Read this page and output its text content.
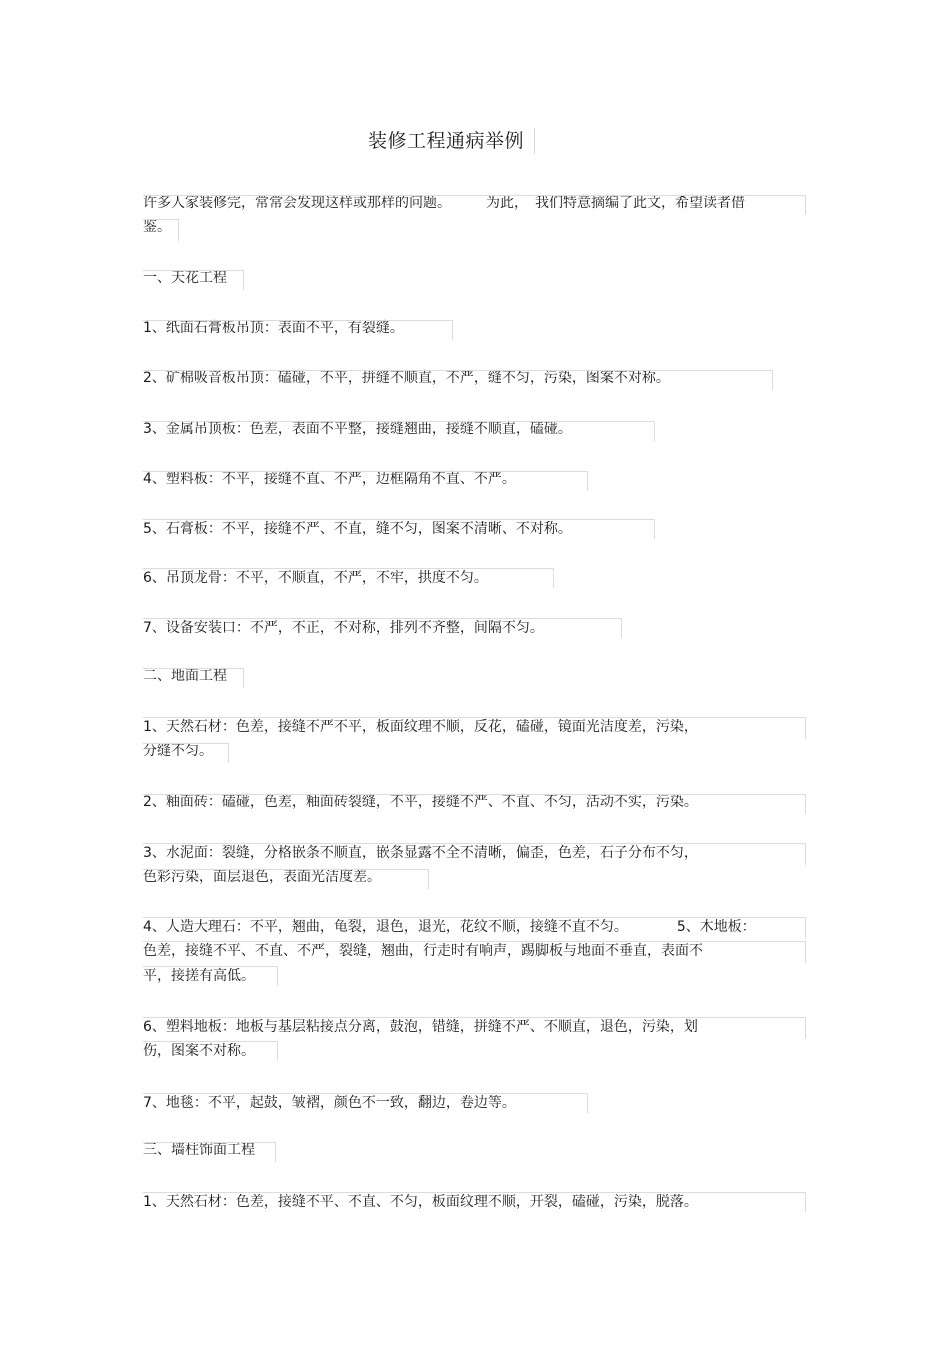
装修工程通病举例
许多人家装修完，常常会发现这样或那样的问题。　　　为此，　我们特意摘编了此文，希望读者借
鉴。
一、天花工程
1、纸面石膏板吊顶：表面不平，有裂缝。
2、矿棉吸音板吊顶：磕碰，不平，拼缝不顺直，不严，缝不匀，污染，图案不对称。
3、金属吊顶板：色差，表面不平整，接缝翘曲，接缝不顺直，磕碰。
4、塑料板：不平，接缝不直、不严，边框隔角不直、不严。
5、石膏板：不平，接缝不严、不直，缝不匀，图案不清晰、不对称。
6、吊顶龙骨：不平，不顺直，不严，不牢，拱度不匀。
7、设备安装口：不严，不正，不对称，排列不齐整，间隔不匀。
二、地面工程
1、天然石材：色差，接缝不严不平，板面纹理不顺，反花，磕碰，镜面光洁度差，污染，
分缝不匀。
2、釉面砖：磕碰，色差，釉面砖裂缝，不平，接缝不严、不直、不匀，活动不实，污染。
3、水泥面：裂缝，分格嵌条不顺直，嵌条显露不全不清晰，偏歪，色差，石子分布不匀，
色彩污染，面层退色，表面光洁度差。
4、人造大理石：不平，翘曲，龟裂，退色，退光，花纹不顺，接缝不直不匀。　　　　5、木地板：
色差，接缝不平、不直、不严，裂缝，翘曲，行走时有响声，踢脚板与地面不垂直，表面不
平，接搓有高低。
6、塑料地板：地板与基层粘接点分离，鼓泡，错缝，拼缝不严、不顺直，退色，污染，划
伤，图案不对称。
7、地毯：不平，起鼓，皱褶，颜色不一致，翻边，卷边等。
三、墙柱饰面工程
1、天然石材：色差，接缝不平、不直、不匀，板面纹理不顺，开裂，磕碰，污染，脱落。
